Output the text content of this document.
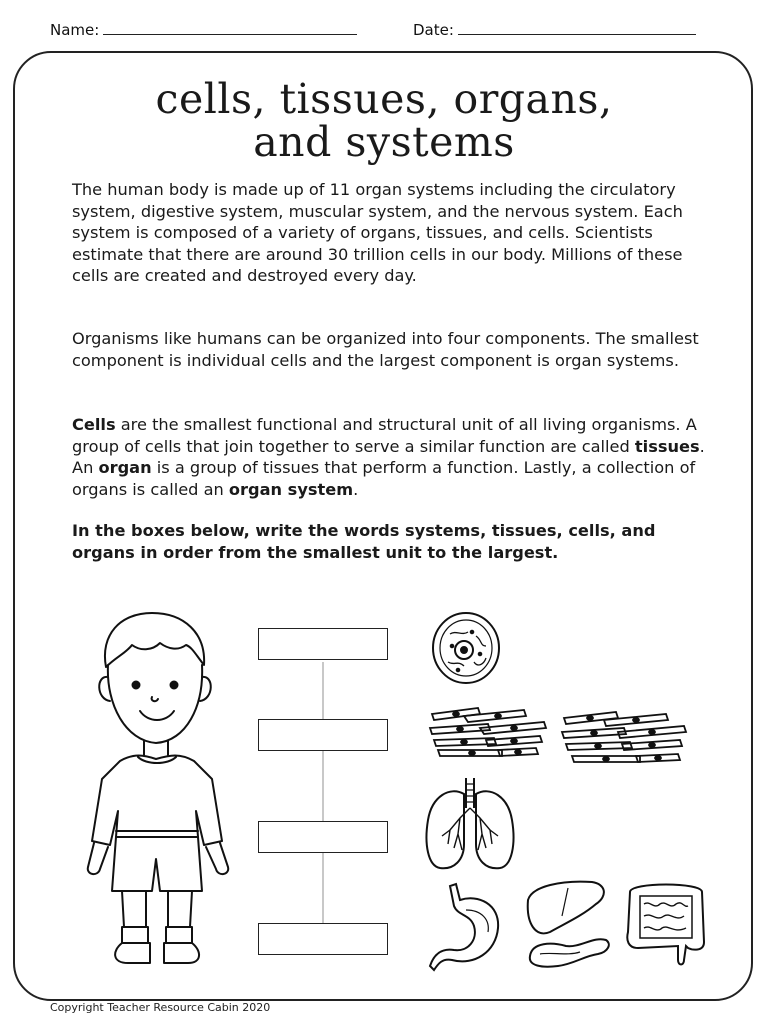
Name:	Date:
cells, tissues, organs,
and systems

The human body is made up of 11 organ systems including the circulatory system, digestive system, muscular system, and the nervous system. Each system is composed of a variety of organs, tissues, and cells. Scientists estimate that there are around 30 trillion cells in our body. Millions of these cells are created and destroyed every day.

Organisms like humans can be organized into four components. The smallest component is individual cells and the largest component is organ systems.

Cells are the smallest functional and structural unit of all living organisms. A group of cells that join together to serve a similar function are called tissues. An organ is a group of tissues that perform a function. Lastly, a collection of organs is called an organ system.

In the boxes below, write the words systems, tissues, cells, and organs in order from the smallest unit to the largest.

Copyright Teacher Resource Cabin 2020
